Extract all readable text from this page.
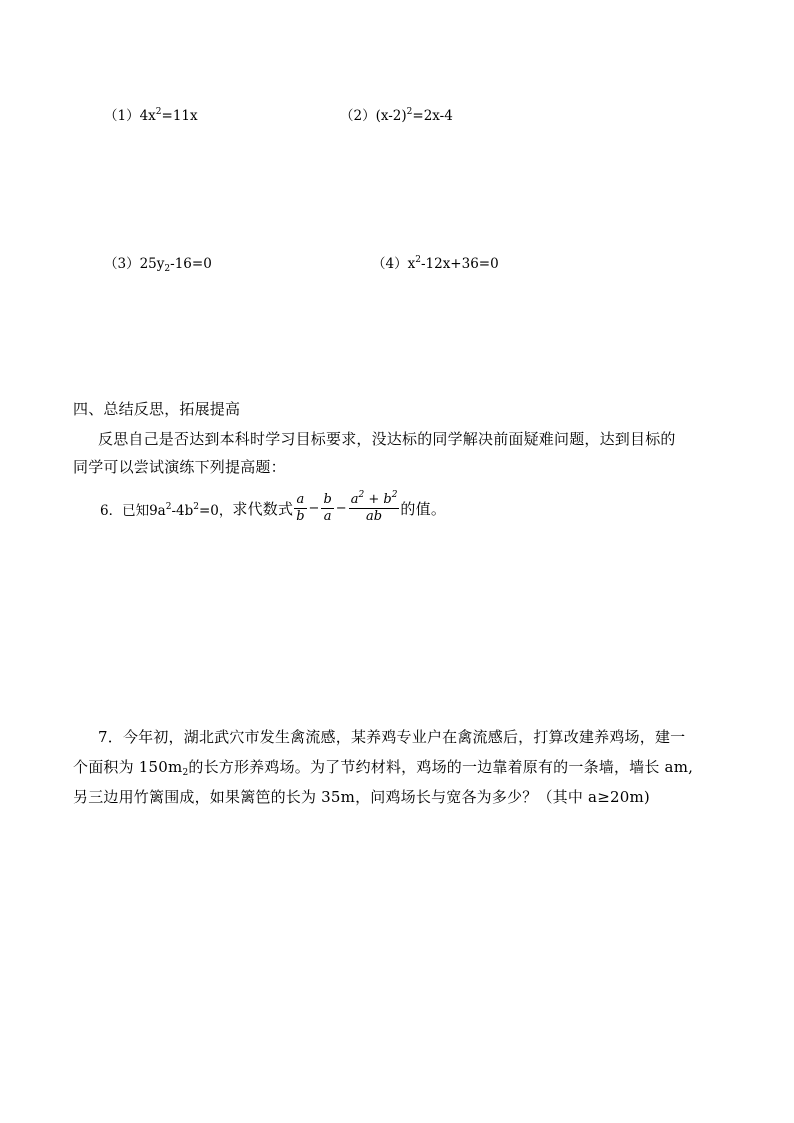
$(1)4x^2=11x$	$(2)(x-2)^2=2x-4$
$(3)25y_2-16=0$	$(4)x^2-12x+36=0$
四、总结反思，拓展提高
反思自己是否达到本科时学习目标要求，没达标的同学解决前面疑难问题，达到目标的
同学可以尝试演练下列提高题：
6．已知 $9a^2-4b^2=0$， 求代数式 $\frac{a}{b} - \frac{b}{a} - \frac{a^2 + b^2}{ab}$ 的值。
7．今年初，湖北武穴市发生禽流感，某养鸡专业户在禽流感后，打算改建养鸡场，建一
个面积为 $150m_2$的长方形养鸡场。为了节约材料，鸡场的一边靠着原有的一条墙，墙长 am,
另三边用竹篱围成，如果篱笆的长为 35m，问鸡场长与宽各为多少？（其中 a≥20m)
